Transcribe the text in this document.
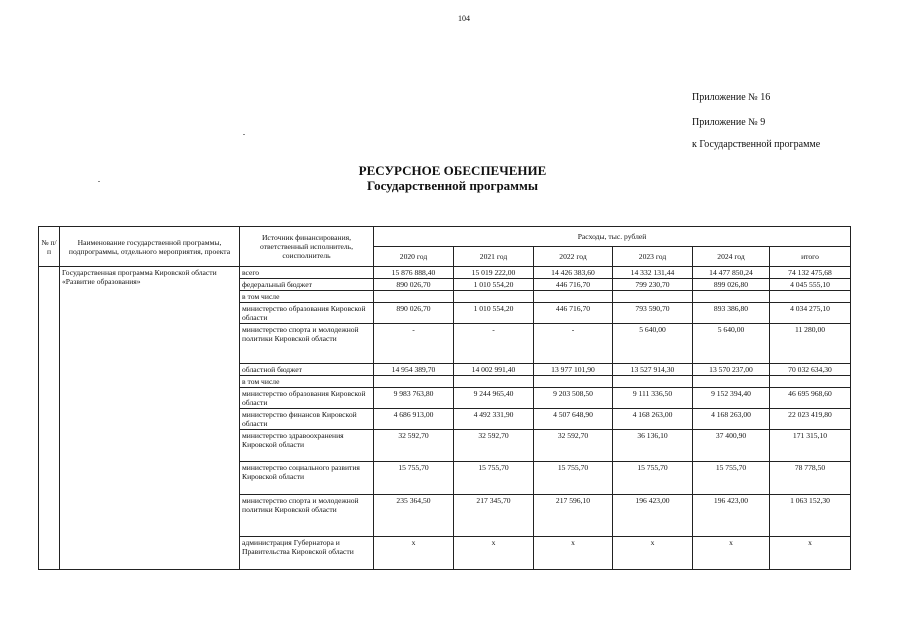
104
Приложение № 16
Приложение № 9
к Государственной программе
РЕСУРСНОЕ ОБЕСПЕЧЕНИЕ
Государственной программы
№ п/п	Наименование государственной программы, подпрограммы, отдельного мероприятия, проекта	Источник финансирования, ответственный исполнитель, соисполнитель	Расходы, тыс. рублей					
			2020 год	2021 год	2022 год	2023 год	2024 год	итого
	Государственная программа Кировской области «Развитие образования»	всего	15 876 888,40	15 019 222,00	14 426 383,60	14 332 131,44	14 477 850,24	74 132 475,68
		федеральный бюджет	890 026,70	1 010 554,20	446 716,70	799 230,70	899 026,80	4 045 555,10
		в том числе						
		министерство образования Кировской области	890 026,70	1 010 554,20	446 716,70	793 590,70	893 386,80	4 034 275,10
		министерство спорта и молодежной политики Кировской области	-	-	-	5 640,00	5 640,00	11 280,00
		областной бюджет	14 954 389,70	14 002 991,40	13 977 101,90	13 527 914,30	13 570 237,00	70 032 634,30
		в том числе						
		министерство образования Кировской области	9 983 763,80	9 244 965,40	9 203 508,50	9 111 336,50	9 152 394,40	46 695 968,60
		министерство финансов Кировской области	4 686 913,00	4 492 331,90	4 507 648,90	4 168 263,00	4 168 263,00	22 023 419,80
		министерство здравоохранения Кировской области	32 592,70	32 592,70	32 592,70	36 136,10	37 400,90	171 315,10
		министерство социального развития Кировской области	15 755,70	15 755,70	15 755,70	15 755,70	15 755,70	78 778,50
		министерство спорта и молодежной политики Кировской области	235 364,50	217 345,70	217 596,10	196 423,00	196 423,00	1 063 152,30
		администрация Губернатора и Правительства Кировской области	х	х	х	х	х	х
